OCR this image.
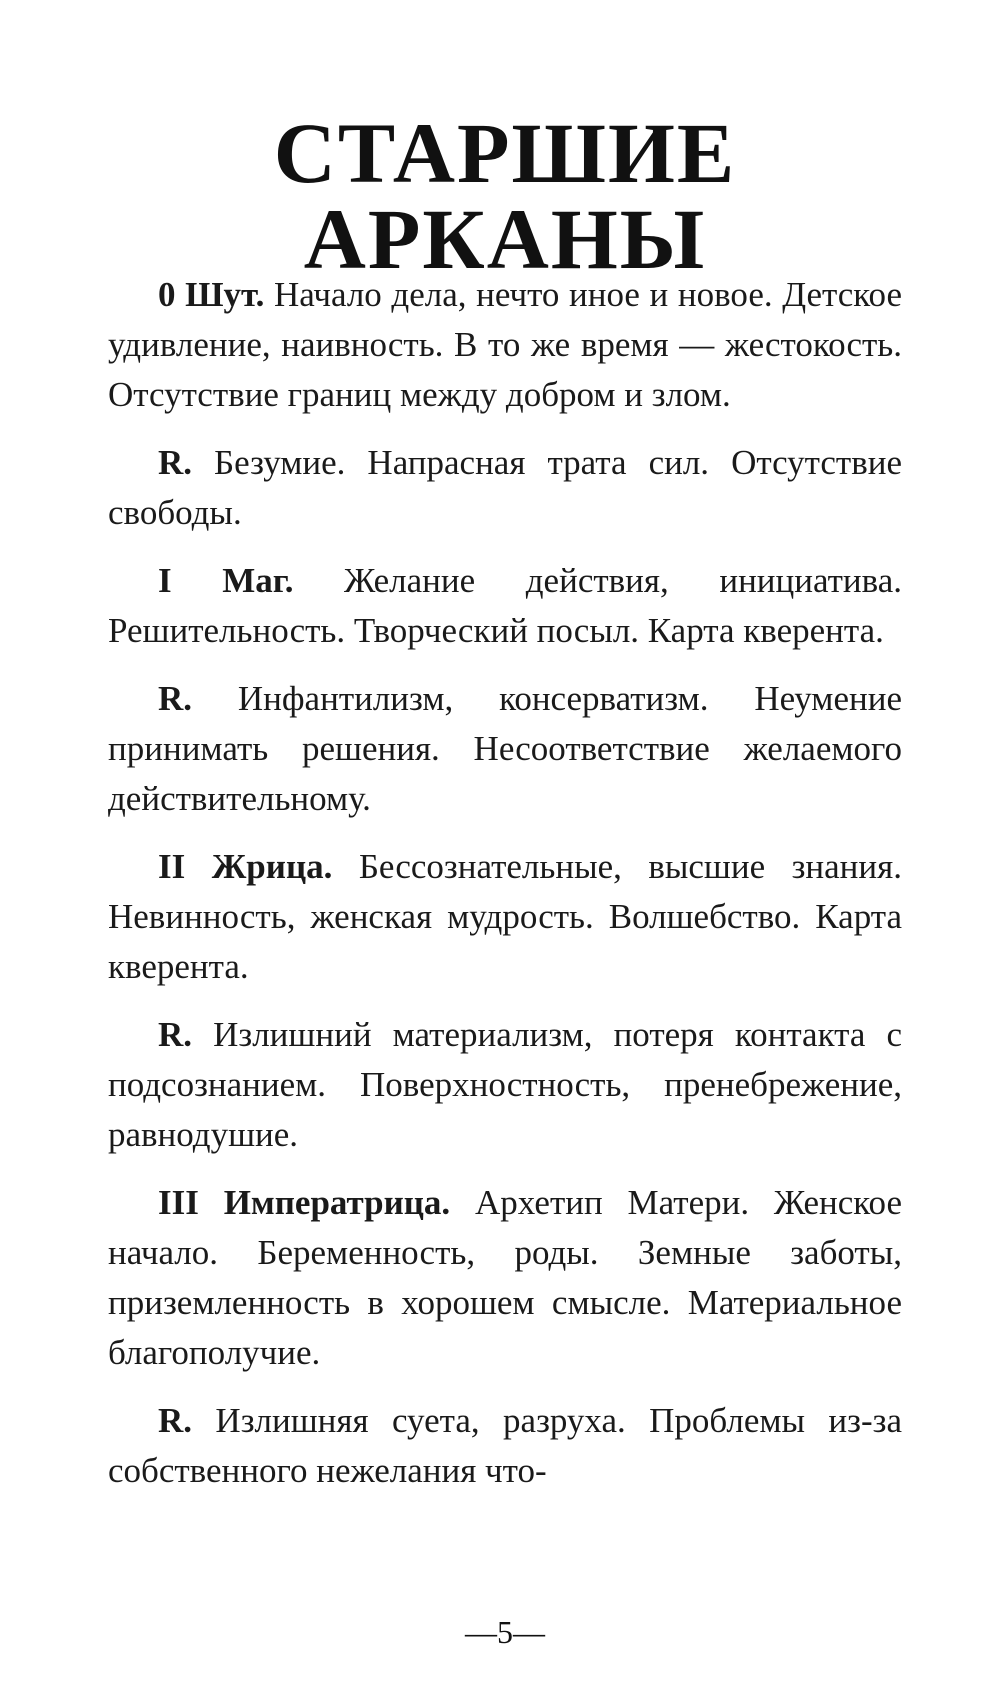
СТАРШИЕ АРКАНЫ

0 Шут. Начало дела, нечто иное и новое. Детское удивление, наивность. В то же время — жестокость. Отсутствие границ между добром и злом.

R. Безумие. Напрасная трата сил. Отсутствие свободы.

I Маг. Желание действия, инициатива. Решительность. Творческий посыл. Карта кверента.

R. Инфантилизм, консерватизм. Неумение принимать решения. Несоответствие желаемого действительному.

II Жрица. Бессознательные, высшие знания. Невинность, женская мудрость. Волшебство. Карта кверента.

R. Излишний материализм, потеря контакта с подсознанием. Поверхностность, пренебрежение, равнодушие.

III Императрица. Архетип Матери. Женское начало. Беременность, роды. Земные заботы, приземленность в хорошем смысле. Материальное благополучие.

R. Излишняя суета, разруха. Проблемы из-за собственного нежелания что-

—5—
